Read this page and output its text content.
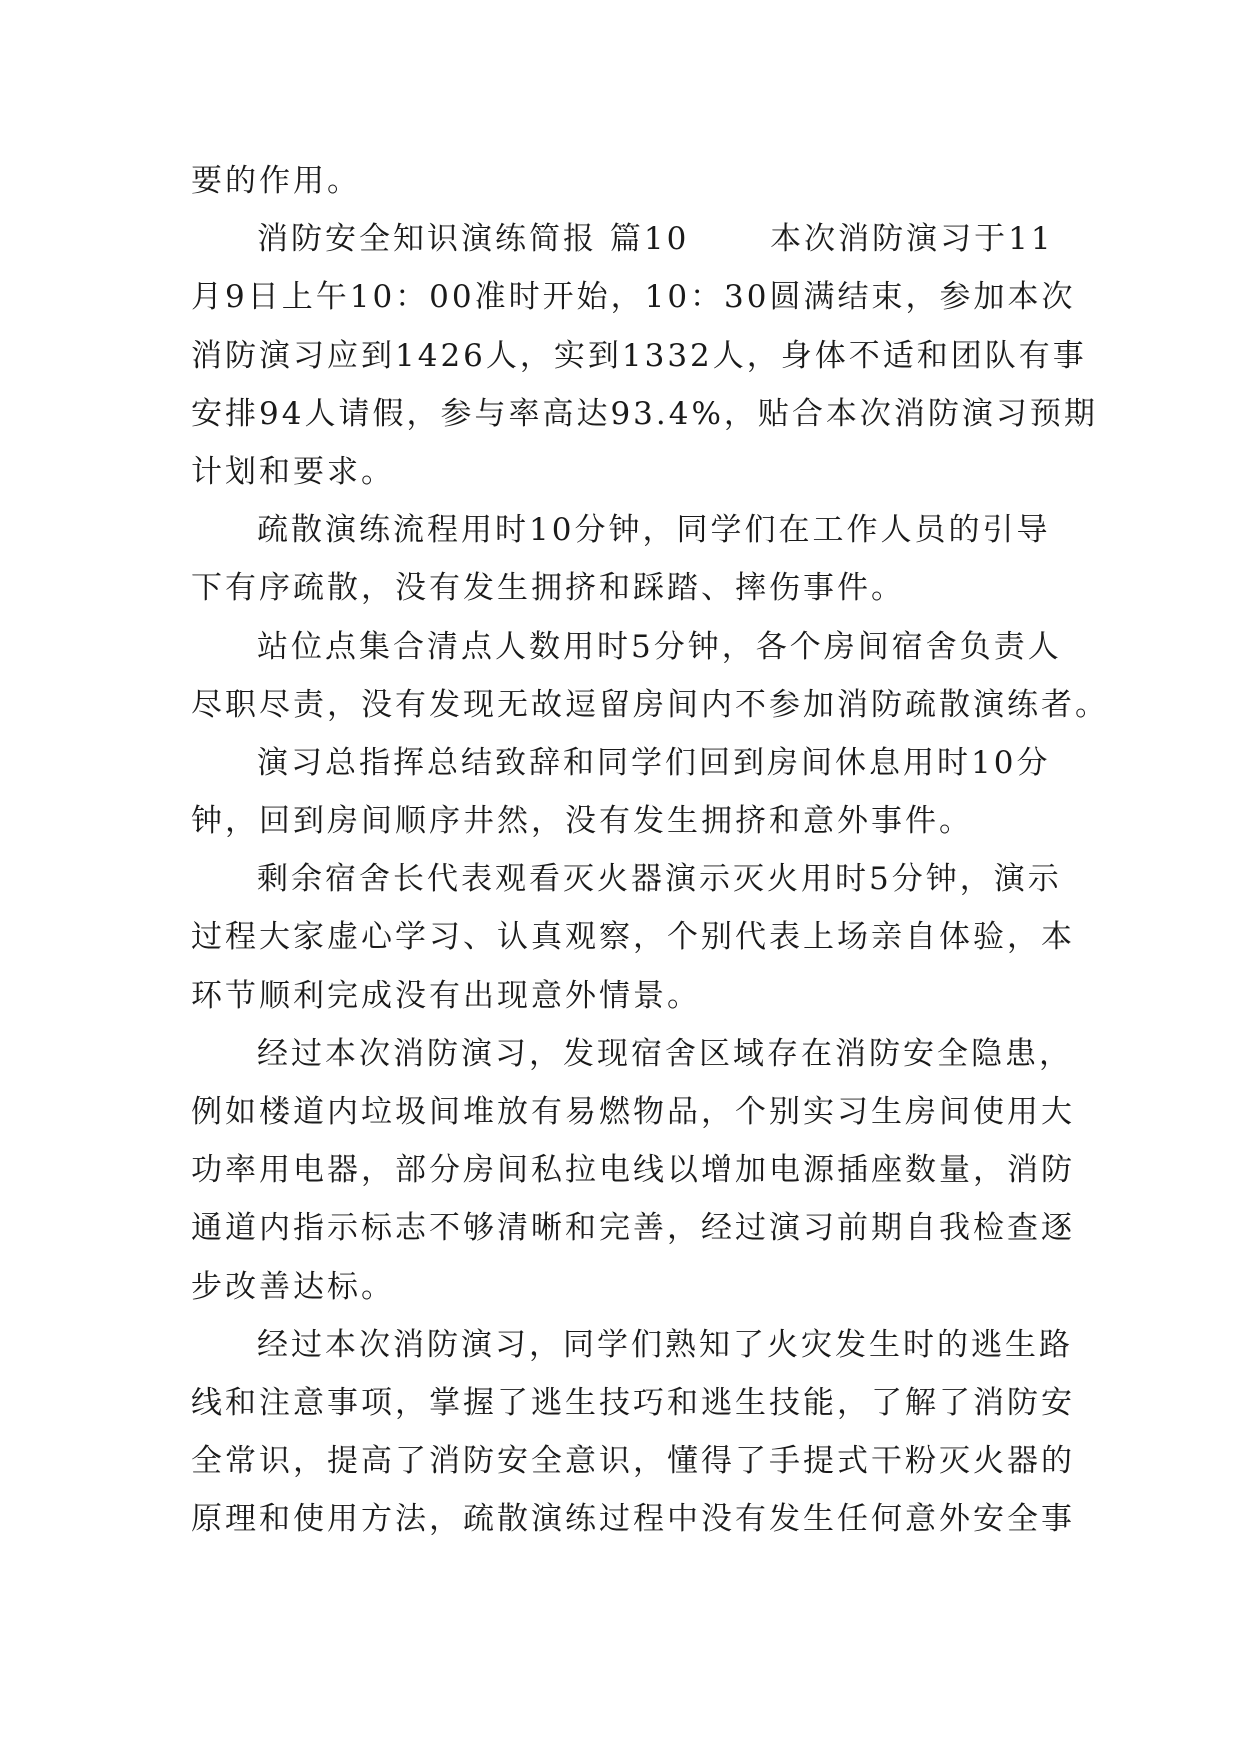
要的作用。
消防安全知识演练简报 篇10 　　本次消防演习于11
月9日上午10：00准时开始，10：30圆满结束，参加本次
消防演习应到1426人，实到1332人，身体不适和团队有事
安排94人请假，参与率高达93.4%，贴合本次消防演习预期
计划和要求。
疏散演练流程用时10分钟，同学们在工作人员的引导
下有序疏散，没有发生拥挤和踩踏、摔伤事件。
站位点集合清点人数用时5分钟，各个房间宿舍负责人
尽职尽责，没有发现无故逗留房间内不参加消防疏散演练者。
演习总指挥总结致辞和同学们回到房间休息用时10分
钟，回到房间顺序井然，没有发生拥挤和意外事件。
剩余宿舍长代表观看灭火器演示灭火用时5分钟，演示
过程大家虚心学习、认真观察，个别代表上场亲自体验，本
环节顺利完成没有出现意外情景。
经过本次消防演习，发现宿舍区域存在消防安全隐患，
例如楼道内垃圾间堆放有易燃物品，个别实习生房间使用大
功率用电器，部分房间私拉电线以增加电源插座数量，消防
通道内指示标志不够清晰和完善，经过演习前期自我检查逐
步改善达标。
经过本次消防演习，同学们熟知了火灾发生时的逃生路
线和注意事项，掌握了逃生技巧和逃生技能，了解了消防安
全常识，提高了消防安全意识，懂得了手提式干粉灭火器的
原理和使用方法，疏散演练过程中没有发生任何意外安全事
